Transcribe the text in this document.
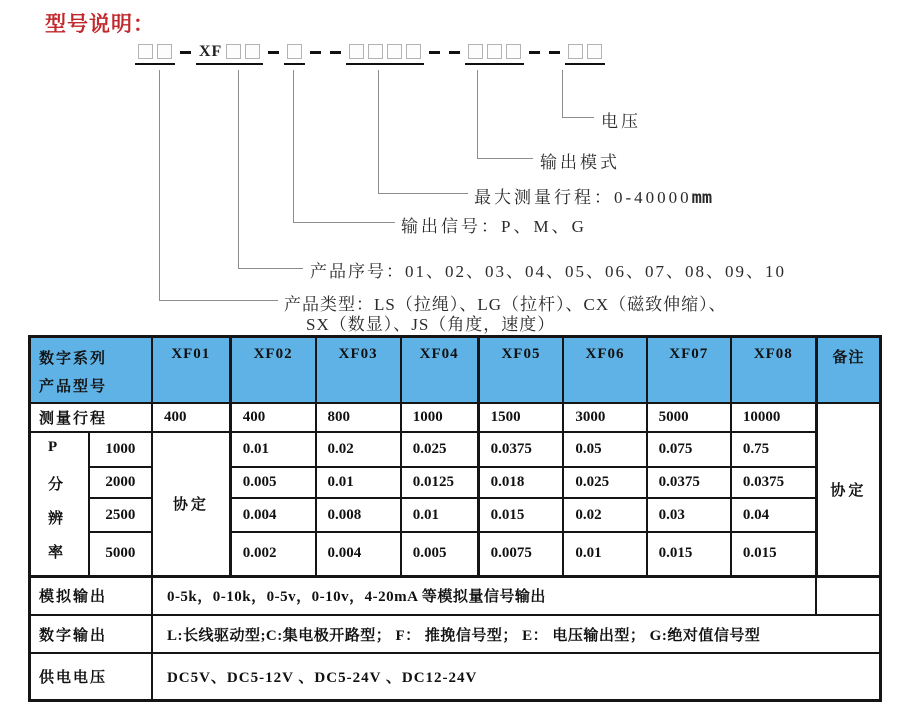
型号说明：
XF
电压
输出模式
最大测量行程：0-40000mm
输出信号：P、M、G
产品序号：01、02、03、04、05、06、07、08、09、10
产品类型：LS（拉绳）、LG（拉杆）、CX（磁致伸缩）、
SX（数显）、JS（角度，速度）
数字系列
产品型号		XF01	XF02	XF03	XF04	XF05	XF06	XF07	XF08	备注
测量行程		400	400	800	1000	1500	3000	5000	10000	协定

P
分
辨
率	1000	协定	0.01	0.02	0.025	0.0375	0.05	0.075	0.75	
	2000		0.005	0.01	0.0125	0.018	0.025	0.0375	0.0375	
	2500		0.004	0.008	0.01	0.015	0.02	0.03	0.04	
	5000		0.002	0.004	0.005	0.0075	0.01	0.015	0.015	
模拟输出		0-5k，0-10k，0-5v，0-10v，4-20mA 等模拟量信号输出								
数字输出		L:长线驱动型;C:集电极开路型； F： 推挽信号型； E： 电压输出型； G:绝对值信号型								
供电电压		DC5V、DC5-12V 、DC5-24V 、DC12-24V								
